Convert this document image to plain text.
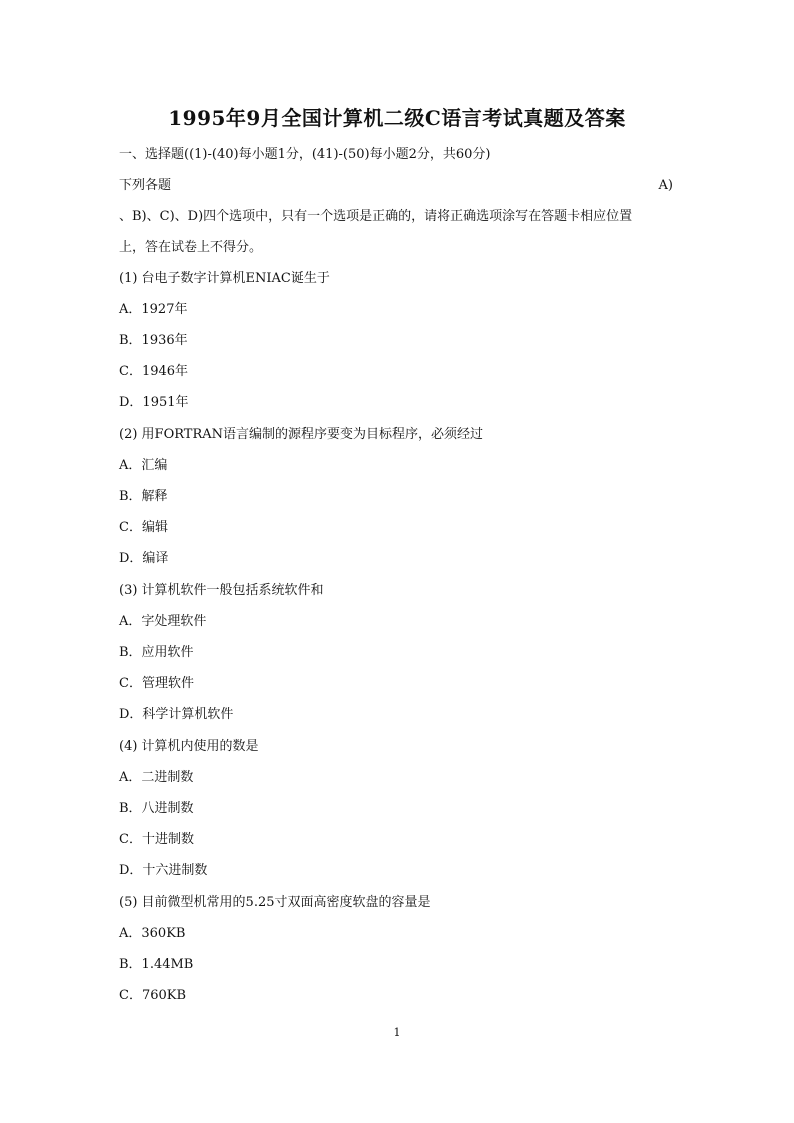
1995年9月全国计算机二级C语言考试真题及答案
一、选择题((1)-(40)每小题1分，(41)-(50)每小题2分，共60分)
下列各题	A)
、B)、C)、D)四个选项中，只有一个选项是正确的，请将正确选项涂写在答题卡相应位置
上，答在试卷上不得分。
(1) 台电子数字计算机ENIAC诞生于
A．1927年
B．1936年
C．1946年
D．1951年
(2) 用FORTRAN语言编制的源程序要变为目标程序，必须经过
A．汇编
B．解释
C．编辑
D．编译
(3) 计算机软件一般包括系统软件和
A．字处理软件
B．应用软件
C．管理软件
D．科学计算机软件
(4) 计算机内使用的数是
A．二进制数
B．八进制数
C．十进制数
D．十六进制数
(5) 目前微型机常用的5.25寸双面高密度软盘的容量是
A．360KB
B．1.44MB
C．760KB
1
